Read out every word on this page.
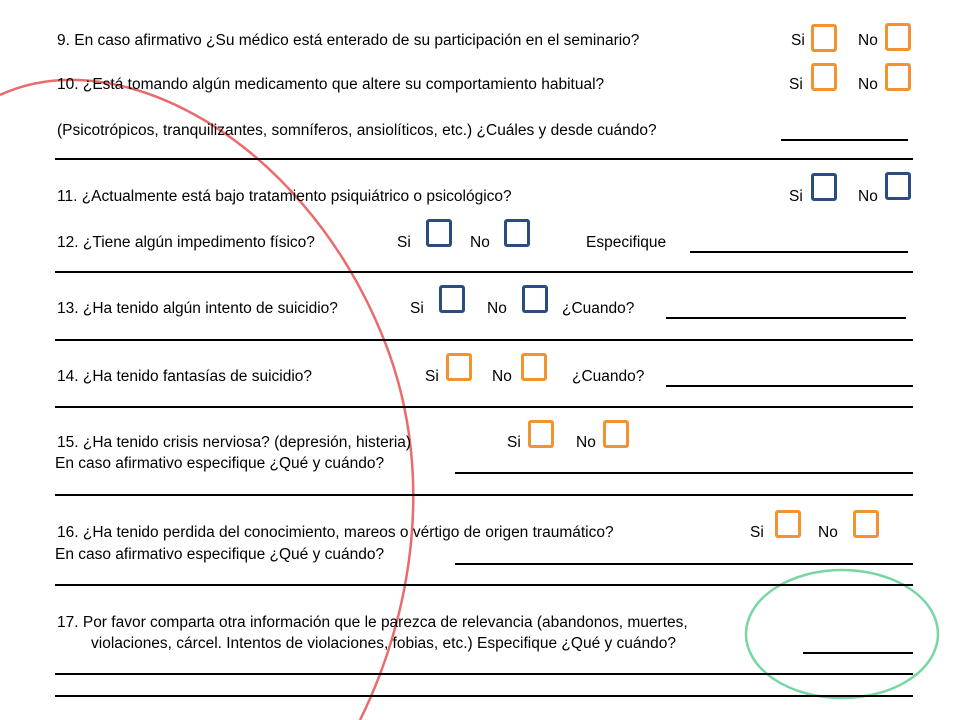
9. En caso afirmativo ¿Su médico está enterado de su participación en el seminario?	Si	No
10. ¿Está tomando algún medicamento que altere su comportamiento habitual?	Si	No
(Psicotrópicos, tranquilizantes, somníferos, ansiolíticos, etc.) ¿Cuáles y desde cuándo?
11. ¿Actualmente está bajo tratamiento psiquiátrico o psicológico?	Si	No
12. ¿Tiene algún impedimento físico?	Si	No	Especifique
13. ¿Ha tenido algún intento de suicidio?	Si	No	¿Cuando?
14. ¿Ha tenido fantasías de suicidio?	Si	No	¿Cuando?
15. ¿Ha tenido crisis nerviosa? (depresión, histeria)	Si	No
En caso afirmativo especifique ¿Qué y cuándo?
16. ¿Ha tenido perdida del conocimiento, mareos o vértigo de origen traumático?	Si	No
En caso afirmativo especifique ¿Qué y cuándo?
17. Por favor comparta otra información que le parezca de relevancia (abandonos, muertes,
violaciones, cárcel. Intentos de violaciones, fobias, etc.) Especifique ¿Qué y cuándo?
